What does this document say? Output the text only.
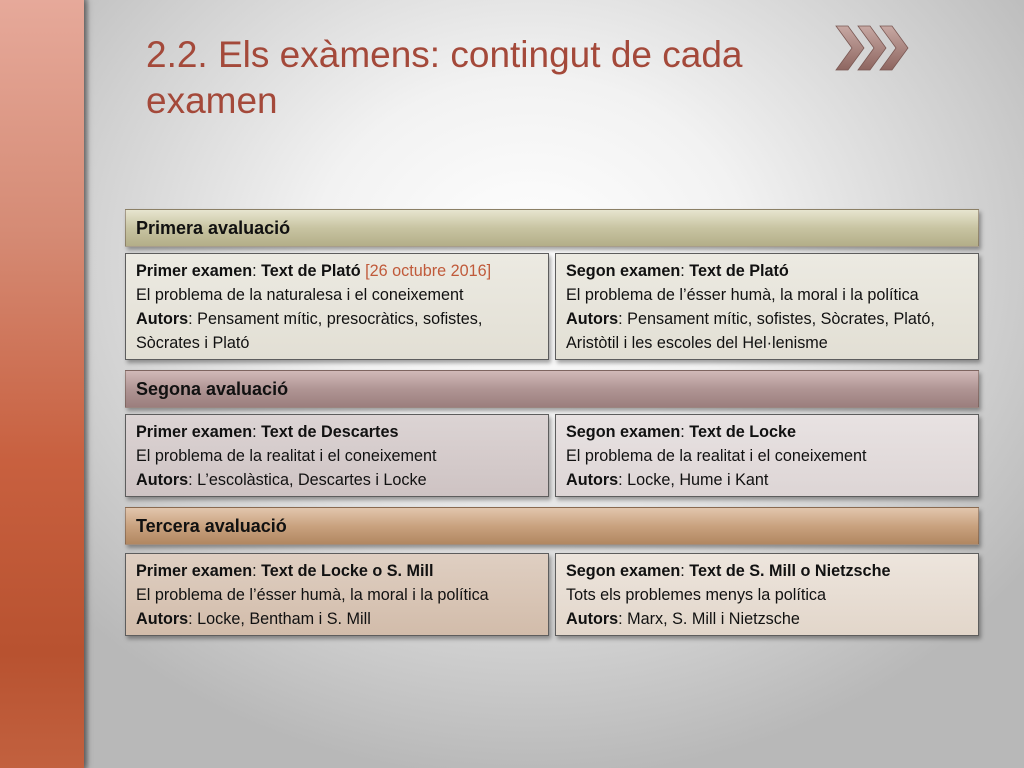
2.2. Els exàmens: contingut de cada examen
Primera avaluació
Primer examen: Text de Plató [26 octubre 2016]
El problema de la naturalesa i el coneixement
Autors: Pensament mític, presocràtics, sofistes, Sòcrates i Plató
Segon examen: Text de Plató
El problema de l’ésser humà, la moral i la política
Autors: Pensament mític, sofistes, Sòcrates, Plató, Aristòtil i les escoles del Hel·lenisme
Segona avaluació
Primer examen: Text de Descartes
El problema de la realitat i el coneixement
Autors: L’escolàstica, Descartes i Locke
Segon examen: Text de Locke
El problema de la realitat i el coneixement
Autors: Locke, Hume i Kant
Tercera avaluació
Primer examen: Text de Locke o S. Mill
El problema de l’ésser humà, la moral i la política
Autors: Locke, Bentham i S. Mill
Segon examen: Text de S. Mill o Nietzsche
Tots els problemes menys la política
Autors: Marx, S. Mill i Nietzsche
